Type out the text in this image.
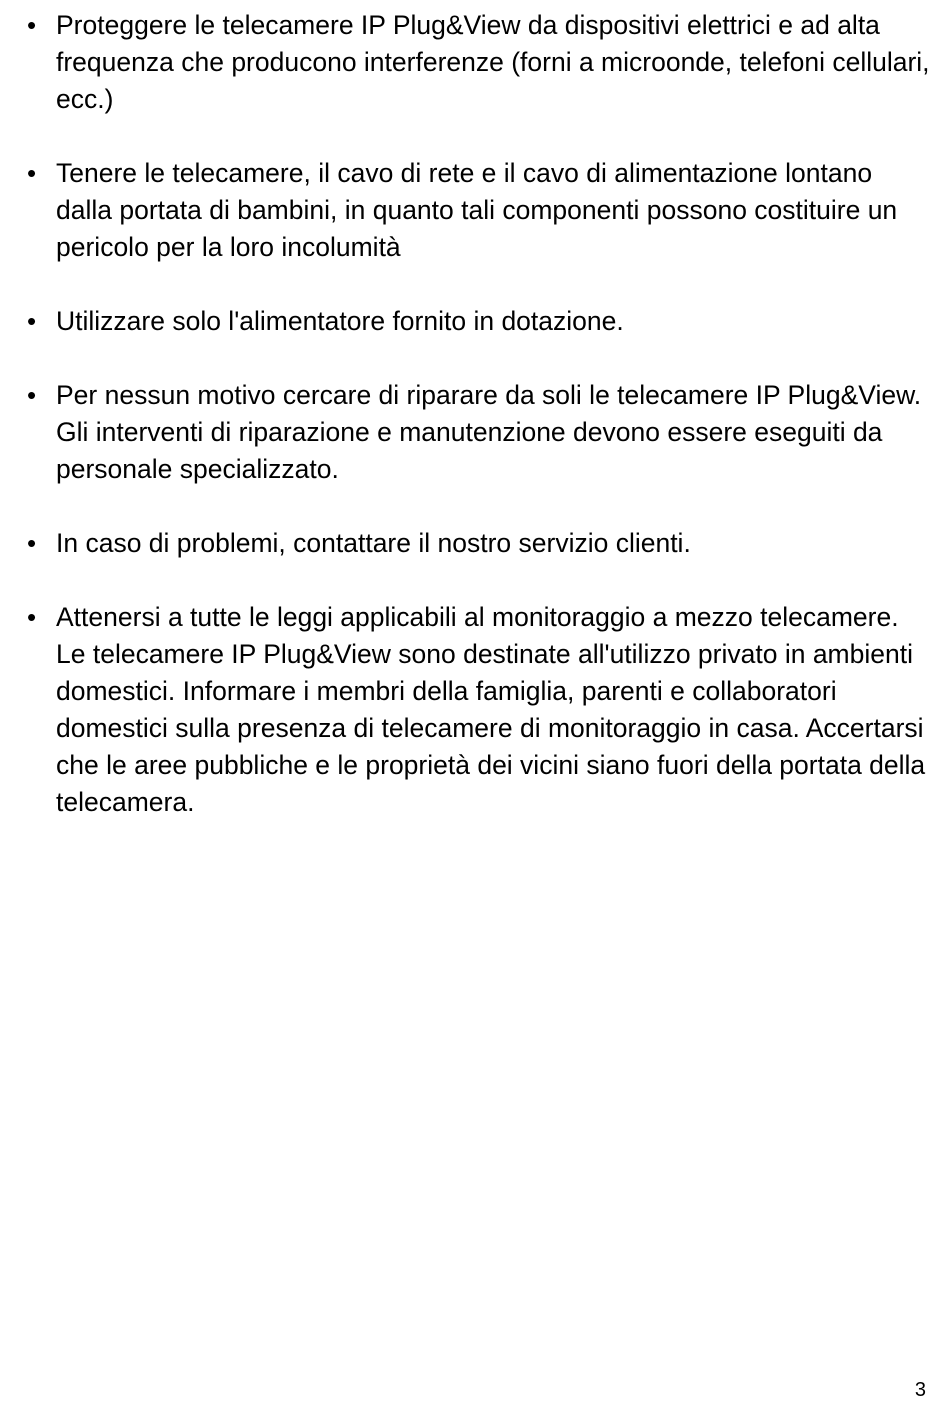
• Proteggere le telecamere IP Plug&View da dispositivi elettrici e ad alta frequenza che producono interferenze (forni a microonde, telefoni cellulari, ecc.)
• Tenere le telecamere, il cavo di rete e il cavo di alimentazione lontano dalla portata di bambini, in quanto tali componenti possono costituire un pericolo per la loro incolumità
• Utilizzare solo l'alimentatore fornito in dotazione.
• Per nessun motivo cercare di riparare da soli le telecamere IP Plug&View. Gli interventi di riparazione e manutenzione devono essere eseguiti da personale specializzato.
• In caso di problemi, contattare il nostro servizio clienti.
• Attenersi a tutte le leggi applicabili al monitoraggio a mezzo telecamere. Le telecamere IP Plug&View sono destinate all'utilizzo privato in ambienti domestici. Informare i membri della famiglia, parenti e collaboratori domestici sulla presenza di telecamere di monitoraggio in casa. Accertarsi che le aree pubbliche e le proprietà dei vicini siano fuori della portata della telecamera.
3
